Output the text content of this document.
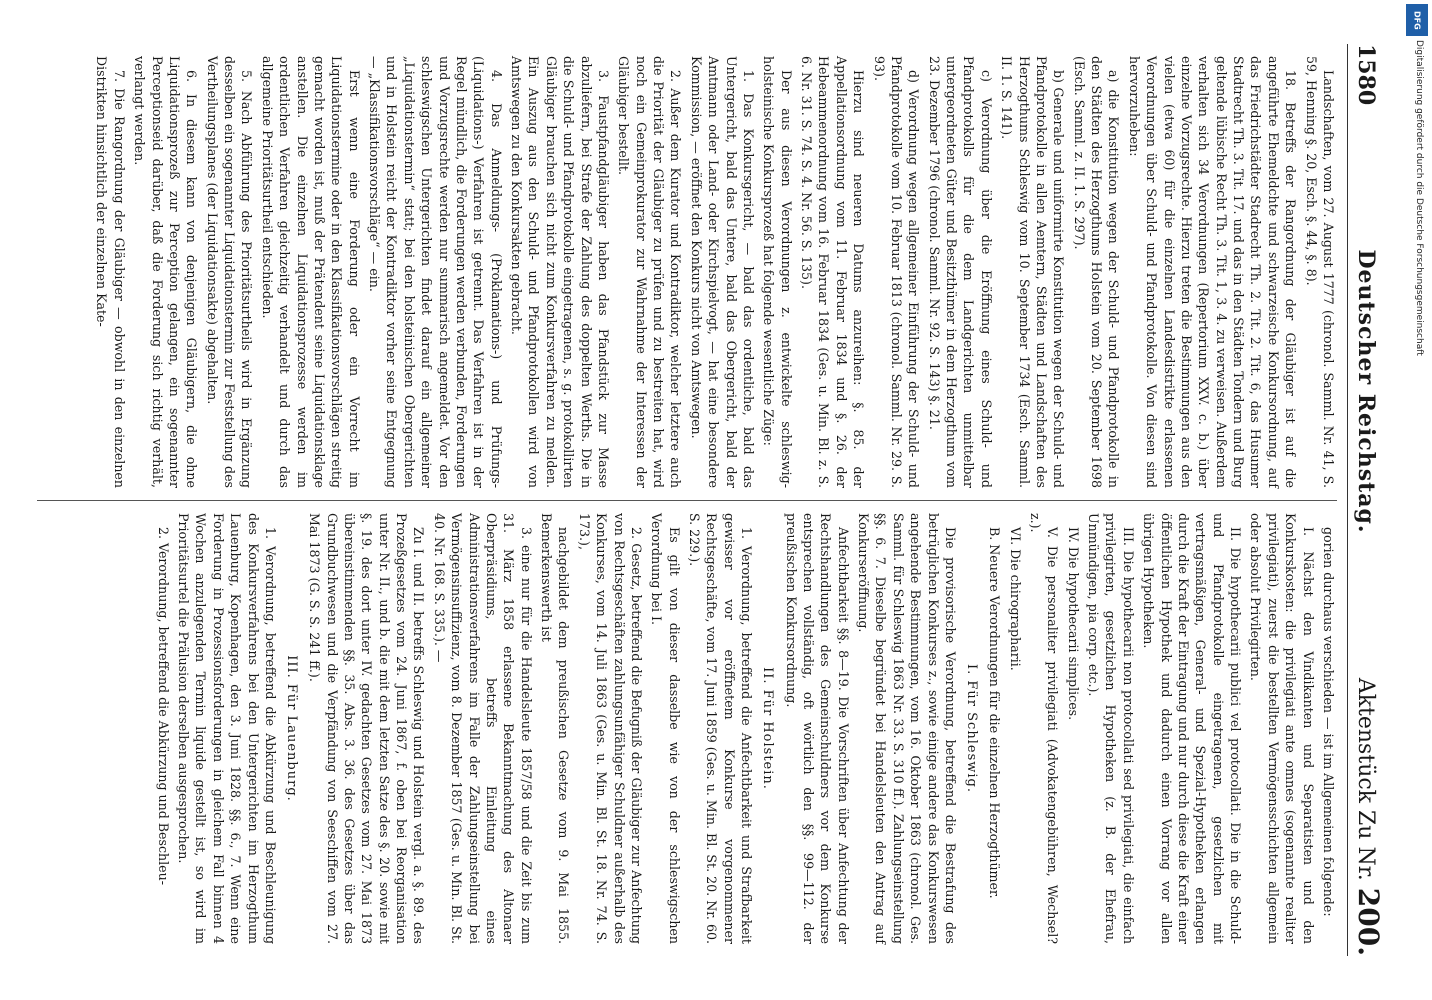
1580
Deutscher Reichstag.
Aktenstück Zu Nr. 200.

Landschaften, vom 27. August 1777 (chronol. Samml. Nr. 41, S. 59, Henning §. 20, Esch. §. 44, §. 8).

18. Betreffs der Rangordnung der Gläubiger ist auf die angeführte Ehemeldchte und schwarzeische Konkursordnung, auf das Friedrichstädter Stadrecht Th. 2. Tit. 2. Tit. 6, das Husumer Stadtrecht Th. 3. Tit. 17. und das in den Städten Tondern und Burg geltende lübische Recht Th. 3. Tit. 1, 3. 4. zu verweisen. Außerdem verhalten sich 34 Verordnungen (Repertorium XXV. c. b.) über einzelne Vorzugsrechte. Hierzu treten die Bestimmungen aus den vielen (etwa 60) für die einzelnen Landesdistrikte erlassenen Verordnungen über Schuld- und Pfandprotokolle. Von diesen sind hervorzuheben:

a) die Konstitution wegen der Schuld- und Pfandprotokolle in den Städten des Herzogthums Holstein vom 20. September 1698 (Esch. Samml. z. II. 1. S. 297).

b) Generale und uniformirte Konstitution wegen der Schuld- und Pfandprotokolle in allen Aemtern, Städten und Landschaften des Herzogthums Schleswig vom 10. September 1734 (Esch. Samml. II. 1. S. 141).

c) Verordnung über die Eröffnung eines Schuld- und Pfandprotokolls für die dem Landgerichten unmittelbar untergeordneten Güter und Besitzthümer in dem Herzogthum vom 23. Dezember 1796 (chronol. Samml. Nr. 92. S. 143) §. 21.

d) Verordnung wegen allgemeiner Einführung der Schuld- und Pfandprotokolle vom 10. Februar 1813 (chronol. Samml. Nr. 29. S. 93).

Hierzu sind neueren Datums anzureihen: §. 85. der Appellationsordnung vom 11. Februar 1834 und §. 26. der Hebeammenordnung vom 16. Februar 1834 (Ges. u. Min. Bl. z. S. 6. Nr. 31. S. 74. S. 4. Nr. 56. S. 135).

Der aus diesen Verordnungen z. entwickelte schleswig-holsteinische Konkursprozeß hat folgende wesentliche Züge:

1. Das Konkursgericht, — bald das ordentliche, bald das Untergericht, bald das Untere, bald das Obergericht, bald der Amtmann oder Land- oder Kirchspielvogt, — hat eine besondere Kommission, — eröffnet den Konkurs nicht von Amtswegen.

2. Außer dem Kurator und Kontradiktor, welcher letztere auch die Priorität der Gläubiger zu prüfen und zu bestreiten hat, wird noch ein Gemeinprokurator zur Wahrnahme der Interessen der Gläubiger bestellt.

3. Faustpfandgläubiger haben das Pfandstück zur Masse abzuliefern, bei Strafe der Zahlung des doppelten Werths. Die in die Schuld- und Pfandprotokolle eingetragenen, s. g. protokollirten Gläubiger brauchen sich nicht zum Konkursverfahren zu melden. Ein Auszug aus den Schuld- und Pfandprotokollen wird von Amtswegen zu den Konkursakten gebracht.

4. Das Anmeldungs- (Proklamations-) und Prüfungs- (Liquidations-) Verfahren ist getrennt. Das Verfahren ist in der Regel mündlich, die Forderungen werden verbunden, Forderungen und Vorzugsrechte werden nur summarisch angemeldet. Vor den schleswigschen Untergerichten findet darauf ein allgemeiner „Liquidationstermin“ statt; bei den holsteinischen Obergerichten und in Holstein reicht der Kontradiktor vorher seine Entgegnung — „Klassifikationsvorschläge“ — ein.

Erst wenn eine Forderung oder ein Vorrecht im Liquidationstermine oder in den Klassifikationsvorschlägen streitig gemacht worden ist, muß der Prätendent seine Liquidationsklage anstellen. Die einzelnen Liquidationsprozesse werden im ordentlichen Verfahren gleichzeitig verhandelt und durch das allgemeine Prioritätsurtheil entschieden.

5. Nach Abführung des Prioritätsurtheils wird in Ergänzung desselben ein sogenannter Liquidationstermin zur Feststellung des Vertheilungsplanes (der Liquidationsakte) abgehalten.

6. In diesem kann von denjenigen Gläubigern, die ohne Liquidationsprozeß zur Perception gelangen, ein sogenannter Perceptionseid darüber, daß die Forderung sich richtig verhält, verlangt werden.

7. Die Rangordnung der Gläubiger — obwohl in den einzelnen Distrikten hinsichtlich der einzelnen Kate-

gorien durchaus verschieden — ist im Allgemeinen folgende:

I. Nächst den Vindikanten und Separatisten und den Konkurskosten: die privilegiati ante omnes (sogenannte realiter privilegiati), zuerst die bestellten Vermögensschichten allgemein oder absolut Privilegirten.

II. Die hypothecarii publici vel protocollati. Die in die Schuld- und Pfandprotokolle eingetragenen, gesetzlichen mit vertragsmäßigen, General- und Spezial-Hypotheken erlangen durch die Kraft der Eintragung und nur durch diese die Kraft einer öffentlichen Hypothek und dadurch einen Vorrang vor allen übrigen Hypotheken.

III. Die hypothecarii non protocollati sed privilegiati, die einfach privilegirten, gesetzlichen Hypotheken (z. B. der Ehefrau, Unmündigen, pia corp. etc.).

IV. Die hypothecarii simplices.

V. Die personaliter privilegiati (Advokatengebühren, Wechsel? z.).

VI. Die chirographarii.

B. Neuere Verordnungen für die einzelnen Herzogthümer.

I. Für Schleswig.

Die provisorische Verordnung, betreffend die Bestrafung des betrüglichen Konkurses z., sowie einige andere das Konkurswesen angehende Bestimmungen, vom 16. Oktober 1863 (chronol. Ges. Samml. für Schleswig 1863 Nr. 33. S. 310 ff.). Zahlungseinstellung §§. 6. 7. Dieselbe begründet bei Handelsleuten den Antrag auf Konkurseröffnung.

Anfechtbarkeit §§. 8—19. Die Vorschriften über Anfechtung der Rechtshandlungen des Gemeinschuldners vor dem Konkurse entsprechen vollständig, oft wörtlich den §§. 99—112. der preußischen Konkursordnung.

II. Für Holstein.

1. Verordnung, betreffend die Anfechtbarkeit und Strafbarkeit gewisser vor eröffnetem Konkurse vorgenommener Rechtsgeschäfte, vom 17. Juni 1859 (Ges. u. Min. Bl. St. 20. Nr. 60. S. 229.).

Es gilt von dieser dasselbe wie von der schleswigschen Verordnung bei I.

2. Gesetz, betreffend die Befugniß der Gläubiger zur Anfechtung von Rechtsgeschäften zahlungsunfähiger Schuldner außerhalb des Konkurses, vom 14. Juli 1863 (Ges. u. Min. Bl. St. 18. Nr. 74. S. 173.),

nachgebildet dem preußischen Gesetze vom 9. Mai 1855. Bemerkenswerth ist

3. eine nur für die Handelsleute 1857/58 und die Zeit bis zum 31. März 1858 erlassene Bekanntmachung des Altonaer Oberpräsidiums, betreffs Einleitung eines Administrationsverfahrens im Falle der Zahlungseinstellung bei Vermögensinsuffizienz, vom 8. Dezember 1857 (Ges. u. Min. Bl. St. 40. Nr. 168. S. 335.). —

Zu I. und II. betreffs Schleswig und Holstein vergl. a. §. 89. des Prozeßgesetzes vom 24. Juni 1867, f. oben bei Reorganisation unter Nr. II., und b. die mit dem letzten Satze des §. 20. sowie mit §. 19. des dort unter IV. gedachten Gesetzes vom 27. Mai 1873 übereinstimmenden §§. 35. Abs. 3. 36. des Gesetzes über das Grundbuchwesen und die Verpfändung von Seeschiffen vom 27. Mai 1873 (G. S. S. 241 ff.).

III. Für Lauenburg.

1. Verordnung, betreffend die Abkürzung und Beschleunigung des Konkursverfahrens bei den Untergerichten im Herzogthum Lauenburg, Kopenhagen, den 3. Juni 1828. §§. 6., 7. Wenn eine Forderung in Prozessionsforderungen in gleichem Fall binnen 4 Wochen anzulegenden Termin liquide gestellt ist, so wird im Prioritätsurtel die Prälusion derselben ausgesprochen.

2. Verordnung, betreffend die Abkürzung und Beschleu-

DFG
Digitalisierung gefördert durch die Deutsche Forschungsgemeinschaft
